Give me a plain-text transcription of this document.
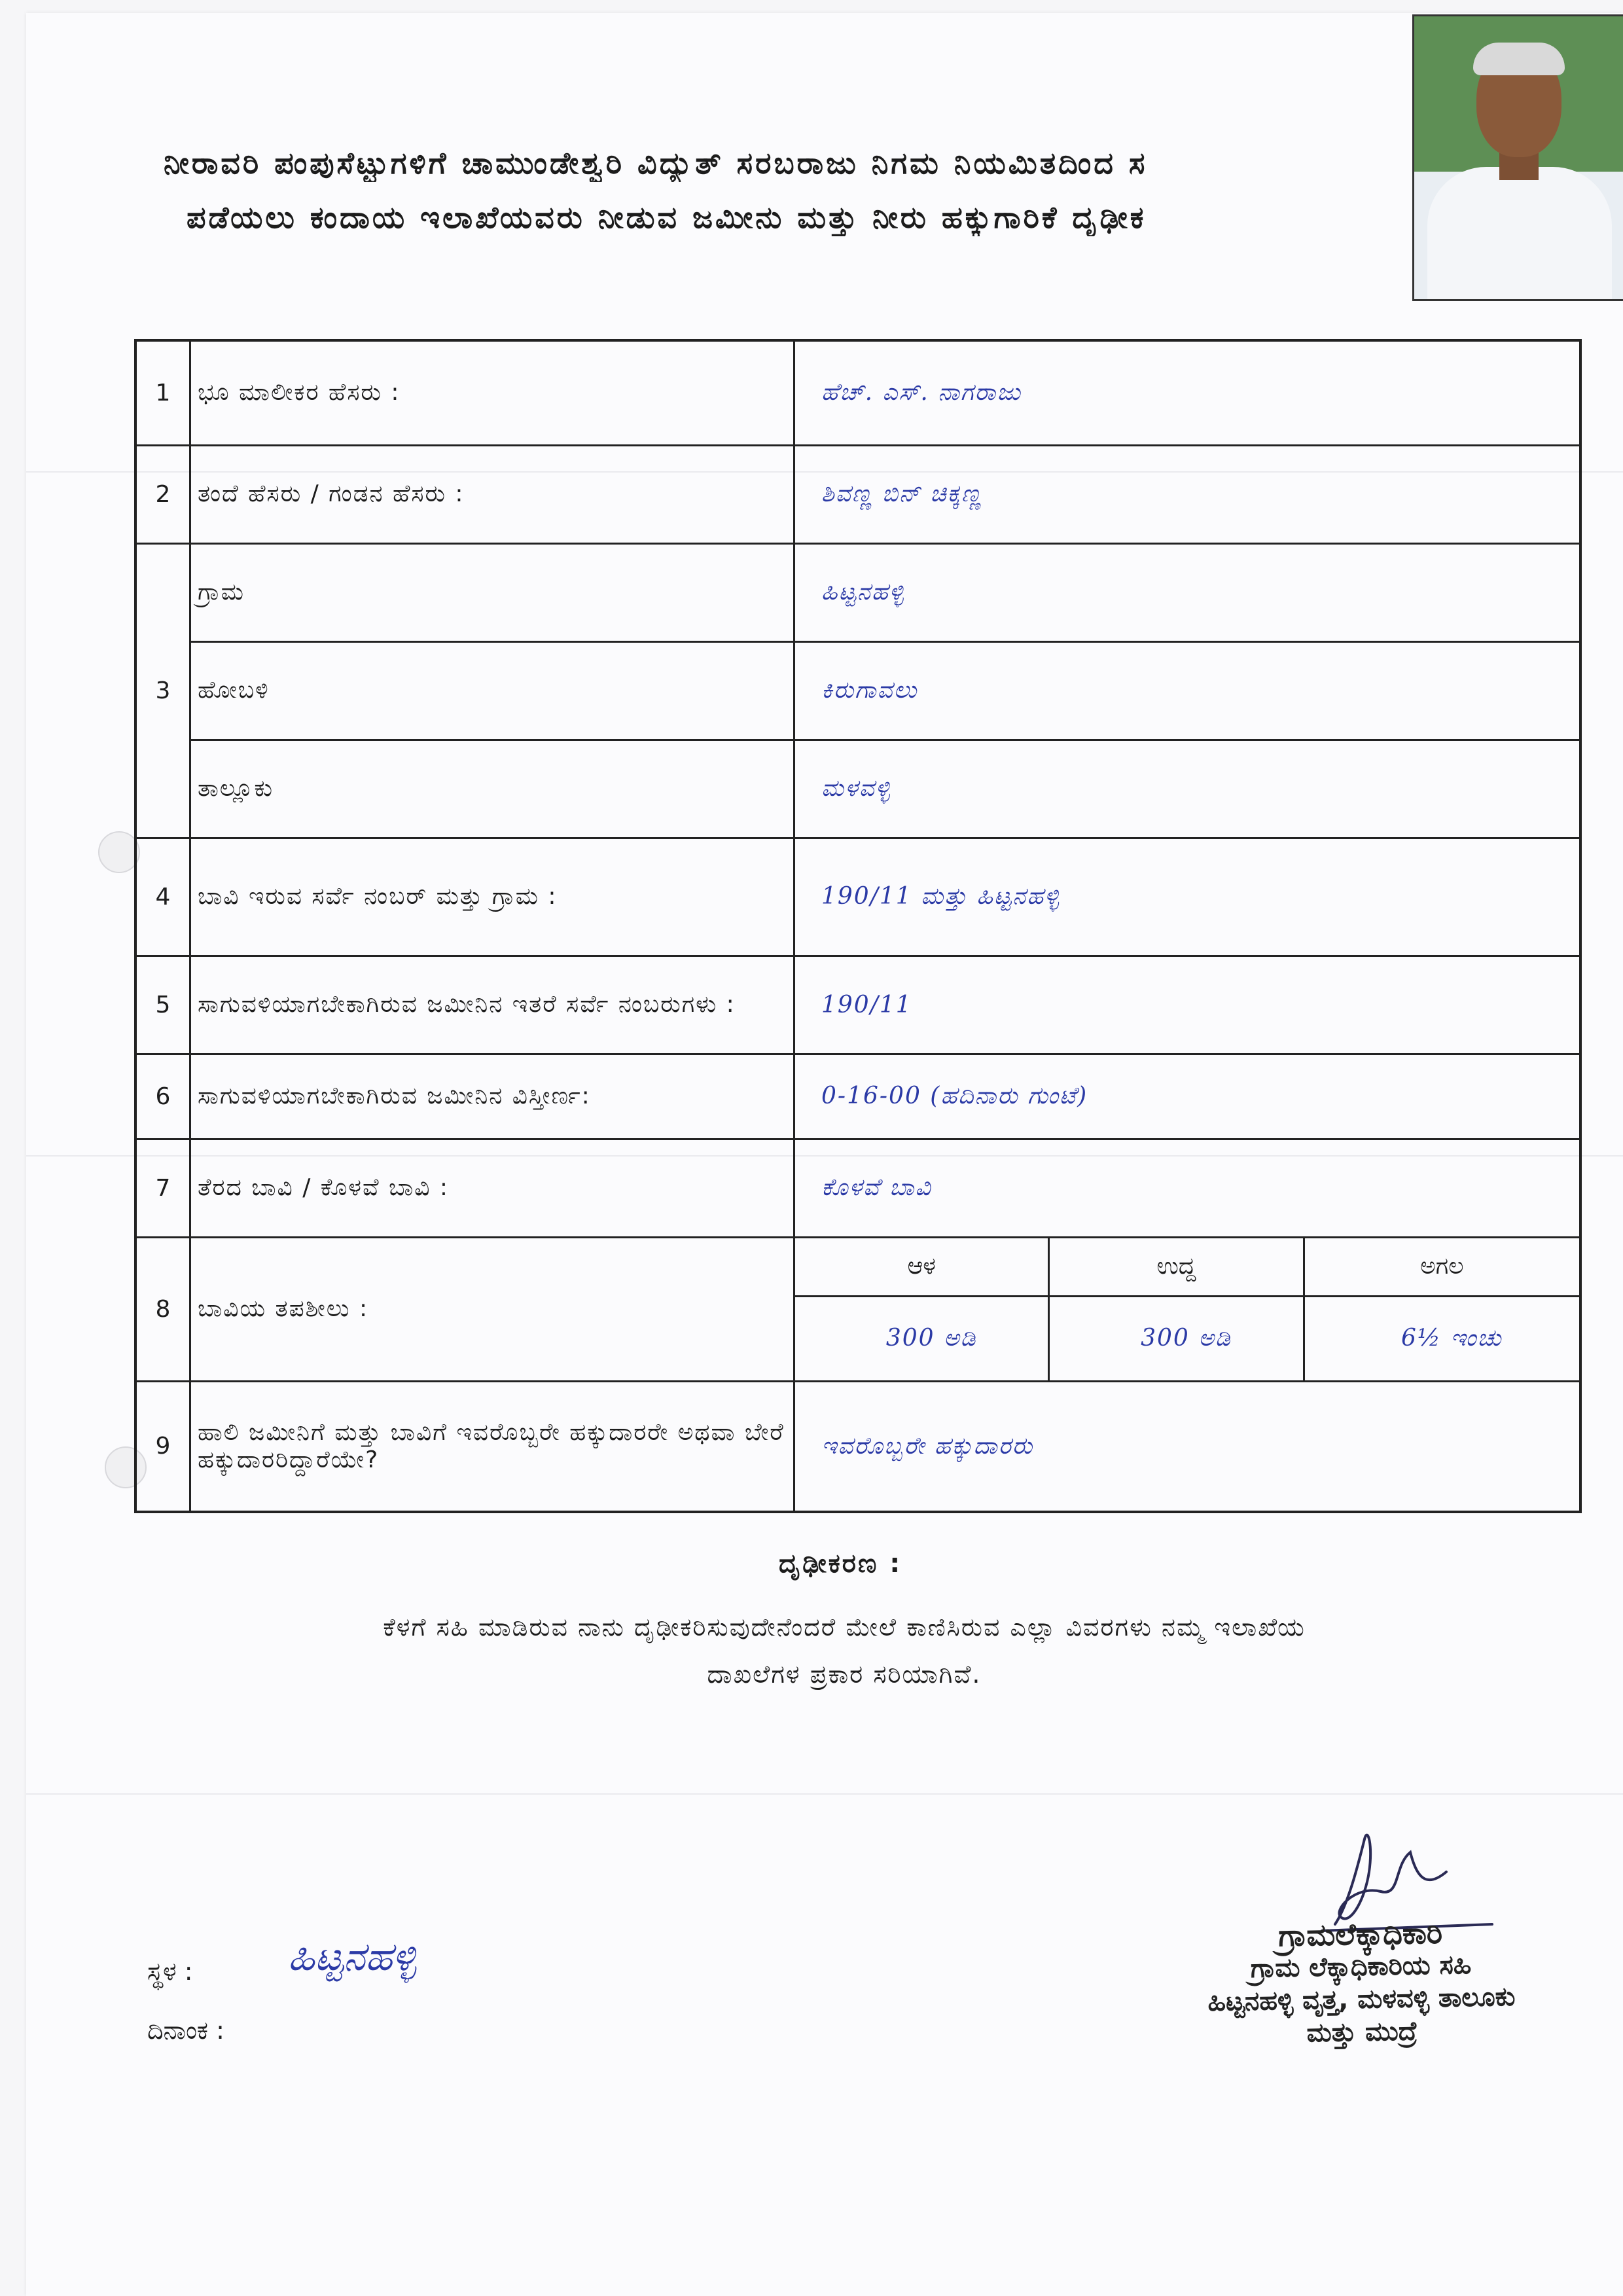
ನೀರಾವರಿ ಪಂಪುಸೆಟ್ಟುಗಳಿಗೆ ಚಾಮುಂಡೇಶ್ವರಿ ವಿದ್ಯುತ್ ಸರಬರಾಜು ನಿಗಮ ನಿಯಮಿತದಿಂದ ಸ
ಪಡೆಯಲು ಕಂದಾಯ ಇಲಾಖೆಯವರು ನೀಡುವ ಜಮೀನು ಮತ್ತು ನೀರು ಹಕ್ಕುಗಾರಿಕೆ ದೃಢೀಕ
1	ಭೂ ಮಾಲೀಕರ ಹೆಸರು :	ಹೆಚ್. ಎಸ್. ನಾಗರಾಜು		
2	ತಂದೆ ಹೆಸರು / ಗಂಡನ ಹೆಸರು :	ಶಿವಣ್ಣ ಬಿನ್ ಚಿಕ್ಕಣ್ಣ		
3	ಗ್ರಾಮ	ಹಿಟ್ಟನಹಳ್ಳಿ		
	ಹೋಬಳಿ	ಕಿರುಗಾವಲು		
	ತಾಲ್ಲೂಕು	ಮಳವಳ್ಳಿ		
4	ಬಾವಿ ಇರುವ ಸರ್ವೆ ನಂಬರ್ ಮತ್ತು ಗ್ರಾಮ :	190/11 ಮತ್ತು ಹಿಟ್ಟನಹಳ್ಳಿ		
5	ಸಾಗುವಳಿಯಾಗಬೇಕಾಗಿರುವ ಜಮೀನಿನ ಇತರೆ ಸರ್ವೆ ನಂಬರುಗಳು :	190/11		
6	ಸಾಗುವಳಿಯಾಗಬೇಕಾಗಿರುವ ಜಮೀನಿನ ವಿಸ್ತೀರ್ಣ:	0-16-00 (ಹದಿನಾರು ಗುಂಟೆ)		
7	ತೆರದ ಬಾವಿ / ಕೊಳವೆ ಬಾವಿ :	ಕೊಳವೆ ಬಾವಿ		
8	ಬಾವಿಯ ತಪಶೀಲು :	ಆಳ	ಉದ್ದ	ಅಗಲ
		300 ಅಡಿ	300 ಅಡಿ	6½ ಇಂಚು
9	ಹಾಲಿ ಜಮೀನಿಗೆ ಮತ್ತು ಬಾವಿಗೆ ಇವರೊಬ್ಬರೇ ಹಕ್ಕುದಾರರೇ ಅಥವಾ ಬೇರೆ ಹಕ್ಕುದಾರರಿದ್ದಾರೆಯೇ?	ಇವರೊಬ್ಬರೇ ಹಕ್ಕುದಾರರು		
ದೃಢೀಕರಣ :
ಕೆಳಗೆ ಸಹಿ ಮಾಡಿರುವ ನಾನು ದೃಢೀಕರಿಸುವುದೇನೆಂದರೆ ಮೇಲೆ ಕಾಣಿಸಿರುವ ಎಲ್ಲಾ ವಿವರಗಳು ನಮ್ಮ ಇಲಾಖೆಯ
ದಾಖಲೆಗಳ ಪ್ರಕಾರ ಸರಿಯಾಗಿವೆ.
ಸ್ಥಳ : ಹಿಟ್ಟನಹಳ್ಳಿ
ದಿನಾಂಕ :
ಗ್ರಾಮಲೆಕ್ಕಾಧಿಕಾರಿ
ಗ್ರಾಮ ಲೆಕ್ಕಾಧಿಕಾರಿಯ ಸಹಿ
ಹಿಟ್ಟನಹಳ್ಳಿ ವೃತ್ತ, ಮಳವಳ್ಳಿ ತಾಲೂಕು
ಮತ್ತು ಮುದ್ರೆ
